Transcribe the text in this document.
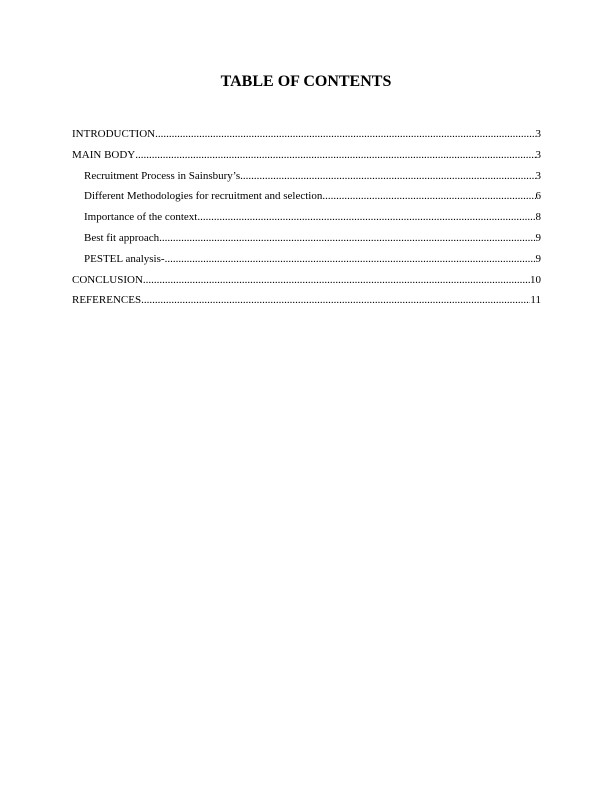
TABLE OF CONTENTS
INTRODUCTION .....	3
MAIN BODY .....	3
Recruitment Process in Sainsbury’s .....	3
Different Methodologies for recruitment and selection .....	6
Importance of the context .....	8
Best fit approach .....	9
PESTEL analysis- .....	9
CONCLUSION .....	10
REFERENCES .....	11
